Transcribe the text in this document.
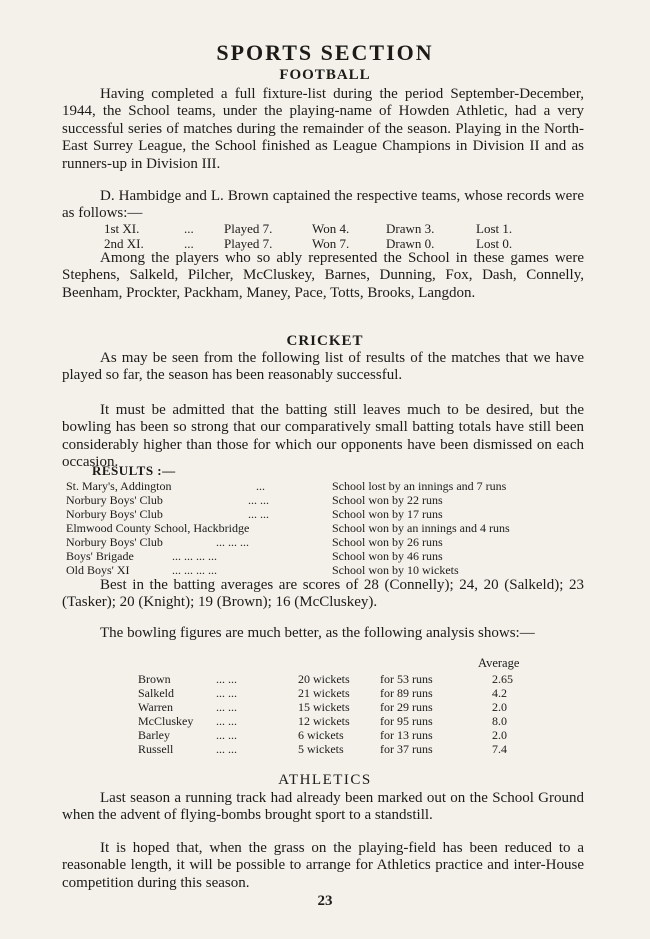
SPORTS SECTION
FOOTBALL
Having completed a full fixture-list during the period September-December, 1944, the School teams, under the playing-name of Howden Athletic, had a very successful series of matches during the remainder of the season. Playing in the North-East Surrey League, the School finished as League Champions in Division II and as runners-up in Division III.
D. Hambidge and L. Brown captained the respective teams, whose records were as follows:—
1st XI.	... Played 7.	Won 4.	Drawn 3.	Lost 1.
2nd XI.	... Played 7.	Won 7.	Drawn 0.	Lost 0.
Among the players who so ably represented the School in these games were Stephens, Salkeld, Pilcher, McCluskey, Barnes, Dunning, Fox, Dash, Connelly, Beenham, Prockter, Packham, Maney, Pace, Totts, Brooks, Langdon.
CRICKET
As may be seen from the following list of results of the matches that we have played so far, the season has been reasonably successful.
It must be admitted that the batting still leaves much to be desired, but the bowling has been so strong that our comparatively small batting totals have still been considerably higher than those for which our opponents have been dismissed on each occasion.
RESULTS :—
St. Mary's, Addington	...	School lost by an innings and 7 runs
Norbury Boys' Club	... ...	School won by 22 runs
Norbury Boys' Club	... ...	School won by 17 runs
Elmwood County School, Hackbridge	School won by an innings and 4 runs
Norbury Boys' Club	... ... ...	School won by 26 runs
Boys' Brigade	... ... ... ...	School won by 46 runs
Old Boys' XI	... ... ... ...	School won by 10 wickets
Best in the batting averages are scores of 28 (Connelly); 24, 20 (Salkeld); 23 (Tasker); 20 (Knight); 19 (Brown); 16 (McCluskey).
The bowling figures are much better, as the following analysis shows:—
Average
Brown	... ...	20 wickets	for 53 runs	2.65
Salkeld	... ...	21 wickets	for 89 runs	4.2
Warren	... ...	15 wickets	for 29 runs	2.0
McCluskey ... ...	12 wickets	for 95 runs	8.0
Barley	... ...	6 wickets	for 13 runs	2.0
Russell	... ...	5 wickets	for 37 runs	7.4
ATHLETICS
Last season a running track had already been marked out on the School Ground when the advent of flying-bombs brought sport to a standstill.
It is hoped that, when the grass on the playing-field has been reduced to a reasonable length, it will be possible to arrange for Athletics practice and inter-House competition during this season.
23
